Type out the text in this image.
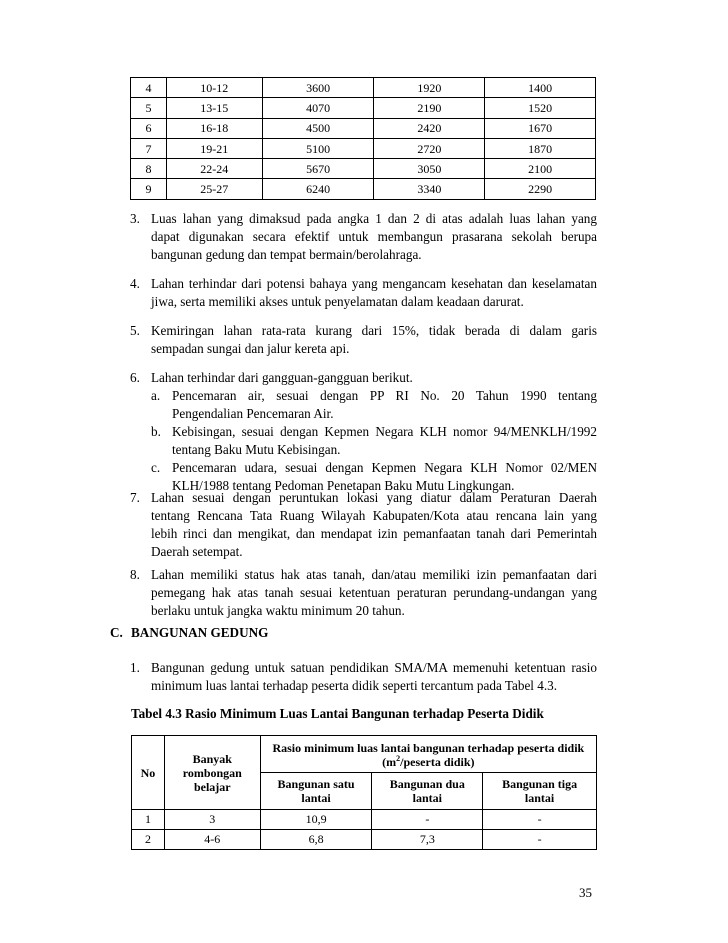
4	10-12	3600	1920	1400
5	13-15	4070	2190	1520
6	16-18	4500	2420	1670
7	19-21	5100	2720	1870
8	22-24	5670	3050	2100
9	25-27	6240	3340	2290
3. Luas lahan yang dimaksud pada angka 1 dan 2 di atas adalah luas lahan yang
dapat digunakan secara efektif untuk membangun prasarana sekolah berupa
bangunan gedung dan tempat bermain/berolahraga.
4. Lahan terhindar dari potensi bahaya yang mengancam kesehatan dan keselamatan
jiwa, serta memiliki akses untuk penyelamatan dalam keadaan darurat.
5. Kemiringan lahan rata-rata kurang dari 15%, tidak berada di dalam garis
sempadan sungai dan jalur kereta api.
6. Lahan terhindar dari gangguan-gangguan berikut.
a. Pencemaran air, sesuai dengan PP RI No. 20 Tahun 1990 tentang
Pengendalian Pencemaran Air.
b. Kebisingan, sesuai dengan Kepmen Negara KLH nomor 94/MENKLH/1992
tentang Baku Mutu Kebisingan.
c. Pencemaran udara, sesuai dengan Kepmen Negara KLH Nomor 02/MEN
KLH/1988 tentang Pedoman Penetapan Baku Mutu Lingkungan.
7. Lahan sesuai dengan peruntukan lokasi yang diatur dalam Peraturan Daerah
tentang Rencana Tata Ruang Wilayah Kabupaten/Kota atau rencana lain yang
lebih rinci dan mengikat, dan mendapat izin pemanfaatan tanah dari Pemerintah
Daerah setempat.
8. Lahan memiliki status hak atas tanah, dan/atau memiliki izin pemanfaatan dari
pemegang hak atas tanah sesuai ketentuan peraturan perundang-undangan yang
berlaku untuk jangka waktu minimum 20 tahun.
C. BANGUNAN GEDUNG
1. Bangunan gedung untuk satuan pendidikan SMA/MA memenuhi ketentuan rasio
minimum luas lantai terhadap peserta didik seperti tercantum pada Tabel 4.3.
Tabel 4.3 Rasio Minimum Luas Lantai Bangunan terhadap Peserta Didik
No	Banyak rombongan belajar	Rasio minimum luas lantai bangunan terhadap peserta didik
($m^2$/peserta didik)		
		Bangunan satu lantai	Bangunan dua lantai	Bangunan tiga lantai
1	3	10,9	-	-
2	4-6	6,8	7,3	-
35
